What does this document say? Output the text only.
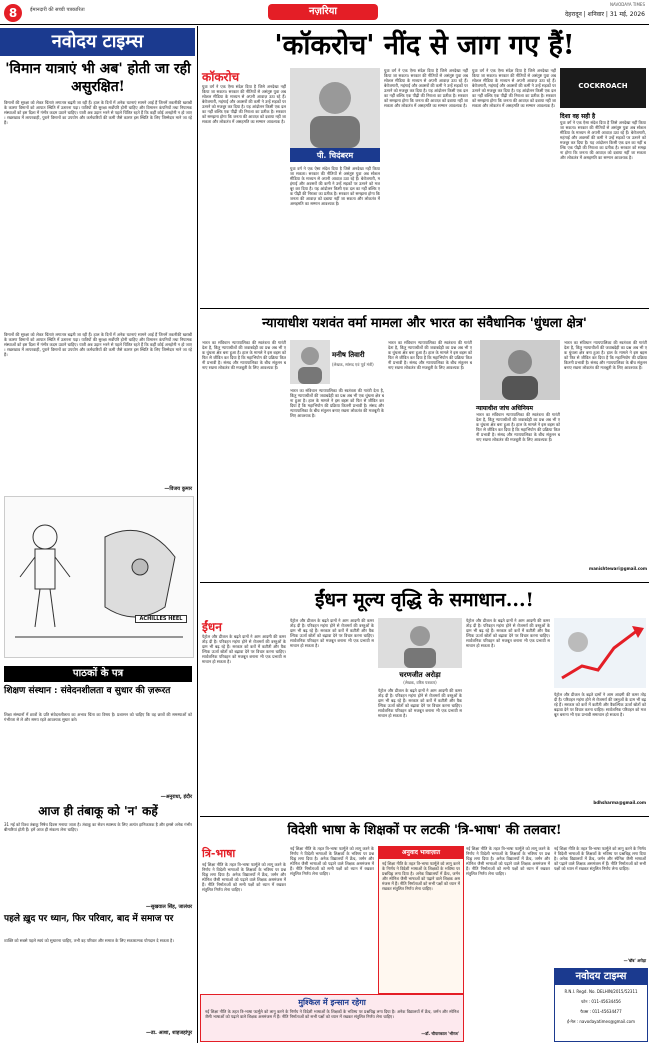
8	ईमानदारी की सच्ची पत्रकारिता	नज़रिया
NAVODAYA TIMES
देहरादून | शनिवार | 31 मई, 2026
नवोदय टाइम्स
'विमान यात्राएं भी अब' होती जा रही असुरक्षित!
विमानों की सुरक्षा को लेकर चिंताएं लगातार बढ़ती जा रही हैं। हाल के दिनों में अनेक घटनाएं सामने आई हैं जिनमें तकनीकी खराबी के कारण विमानों को आपात स्थिति में उतारना पड़ा। यात्रियों की सुरक्षा सर्वोपरि होनी चाहिए और विमानन कंपनियों तथा नियामक संस्थाओं को इस दिशा में गंभीर कदम उठाने चाहिए। यात्री अब उड़ान भरने से पहले चिंतित रहते हैं कि कहीं कोई अनहोनी न हो जाए। रखरखाव में लापरवाही, पुराने विमानों का उपयोग और कर्मचारियों की कमी जैसे कारण इस स्थिति के लिए जिम्मेदार माने जा रहे हैं।
विमानों की सुरक्षा को लेकर चिंताएं लगातार बढ़ती जा रही हैं। हाल के दिनों में अनेक घटनाएं सामने आई हैं जिनमें तकनीकी खराबी के कारण विमानों को आपात स्थिति में उतारना पड़ा। यात्रियों की सुरक्षा सर्वोपरि होनी चाहिए और विमानन कंपनियों तथा नियामक संस्थाओं को इस दिशा में गंभीर कदम उठाने चाहिए। यात्री अब उड़ान भरने से पहले चिंतित रहते हैं कि कहीं कोई अनहोनी न हो जाए। रखरखाव में लापरवाही, पुराने विमानों का उपयोग और कर्मचारियों की कमी जैसे कारण इस स्थिति के लिए जिम्मेदार माने जा रहे हैं।
—विजय कुमार
ACHILLES HEEL
पाठकों के पत्र
शिक्षण संस्थान : संवेदनशीलता व सुधार की ज़रूरत
शिक्षा संस्थानों में छात्रों के प्रति संवेदनशीलता का अभाव चिंता का विषय है। प्रशासन को चाहिए कि वह छात्रों की समस्याओं को गंभीरता से ले और समय रहते आवश्यक सुधार करे।
—अनुराधा, इंदौर
आज ही तंबाकू को 'न' कहें
31 मई को विश्व तंबाकू निषेध दिवस मनाया जाता है। तंबाकू का सेवन स्वास्थ्य के लिए अत्यंत हानिकारक है और इससे अनेक गंभीर बीमारियां होती हैं। हमें आज ही संकल्प लेना चाहिए।
—सुखवाल सिंह, जालंधर
पहले ख़ुद पर ध्यान, फिर परिवार, बाद में समाज पर
व्यक्ति को सबसे पहले स्वयं को सुधारना चाहिए, तभी वह परिवार और समाज के लिए सकारात्मक योगदान दे सकता है।
—डा. आशा, शाहजहांपुर
'कॉकरोच' नींद से जाग गए हैं!
कॉकरोच
युवा वर्ग ने एक ऐसा संदेश दिया है जिसे अनदेखा नहीं किया जा सकता। सरकार की नीतियों से असंतुष्ट युवा अब सोशल मीडिया के माध्यम से अपनी आवाज़ उठा रहे हैं। बेरोजगारी, महंगाई और अवसरों की कमी ने उन्हें सड़कों पर उतरने को मजबूर कर दिया है। यह आंदोलन किसी एक दल का नहीं बल्कि एक पीढ़ी की निराशा का प्रतीक है। सरकार को समझना होगा कि जनता की आवाज़ को दबाया नहीं जा सकता और लोकतंत्र में असहमति का सम्मान आवश्यक है।
पी. चिदंबरम
युवा वर्ग ने एक ऐसा संदेश दिया है जिसे अनदेखा नहीं किया जा सकता। सरकार की नीतियों से असंतुष्ट युवा अब सोशल मीडिया के माध्यम से अपनी आवाज़ उठा रहे हैं। बेरोजगारी, महंगाई और अवसरों की कमी ने उन्हें सड़कों पर उतरने को मजबूर कर दिया है। यह आंदोलन किसी एक दल का नहीं बल्कि एक पीढ़ी की निराशा का प्रतीक है। सरकार को समझना होगा कि जनता की आवाज़ को दबाया नहीं जा सकता और लोकतंत्र में असहमति का सम्मान आवश्यक है।
युवा वर्ग ने एक ऐसा संदेश दिया है जिसे अनदेखा नहीं किया जा सकता। सरकार की नीतियों से असंतुष्ट युवा अब सोशल मीडिया के माध्यम से अपनी आवाज़ उठा रहे हैं। बेरोजगारी, महंगाई और अवसरों की कमी ने उन्हें सड़कों पर उतरने को मजबूर कर दिया है। यह आंदोलन किसी एक दल का नहीं बल्कि एक पीढ़ी की निराशा का प्रतीक है। सरकार को समझना होगा कि जनता की आवाज़ को दबाया नहीं जा सकता और लोकतंत्र में असहमति का सम्मान आवश्यक है।
युवा वर्ग ने एक ऐसा संदेश दिया है जिसे अनदेखा नहीं किया जा सकता। सरकार की नीतियों से असंतुष्ट युवा अब सोशल मीडिया के माध्यम से अपनी आवाज़ उठा रहे हैं। बेरोजगारी, महंगाई और अवसरों की कमी ने उन्हें सड़कों पर उतरने को मजबूर कर दिया है। यह आंदोलन किसी एक दल का नहीं बल्कि एक पीढ़ी की निराशा का प्रतीक है। सरकार को समझना होगा कि जनता की आवाज़ को दबाया नहीं जा सकता और लोकतंत्र में असहमति का सम्मान आवश्यक है।
COCKROACH
दिशा वह सही है
युवा वर्ग ने एक ऐसा संदेश दिया है जिसे अनदेखा नहीं किया जा सकता। सरकार की नीतियों से असंतुष्ट युवा अब सोशल मीडिया के माध्यम से अपनी आवाज़ उठा रहे हैं। बेरोजगारी, महंगाई और अवसरों की कमी ने उन्हें सड़कों पर उतरने को मजबूर कर दिया है। यह आंदोलन किसी एक दल का नहीं बल्कि एक पीढ़ी की निराशा का प्रतीक है। सरकार को समझना होगा कि जनता की आवाज़ को दबाया नहीं जा सकता और लोकतंत्र में असहमति का सम्मान आवश्यक है।
न्यायाधीश यशवंत वर्मा मामला और भारत का संवैधानिक 'धुंधला क्षेत्र'
भारत का संविधान न्यायपालिका की स्वतंत्रता की गारंटी देता है, किंतु न्यायाधीशों की जवाबदेही का प्रश्न अब भी एक धुंधला क्षेत्र बना हुआ है। हाल के मामले ने इस बहस को फिर से जीवित कर दिया है कि महाभियोग की प्रक्रिया कितनी प्रभावी है। संसद और न्यायपालिका के बीच संतुलन बनाए रखना लोकतंत्र की मजबूती के लिए आवश्यक है।
मनीष तिवारी
(लेखक, सांसद एवं पूर्व मंत्री)
भारत का संविधान न्यायपालिका की स्वतंत्रता की गारंटी देता है, किंतु न्यायाधीशों की जवाबदेही का प्रश्न अब भी एक धुंधला क्षेत्र बना हुआ है। हाल के मामले ने इस बहस को फिर से जीवित कर दिया है कि महाभियोग की प्रक्रिया कितनी प्रभावी है। संसद और न्यायपालिका के बीच संतुलन बनाए रखना लोकतंत्र की मजबूती के लिए आवश्यक है।
भारत का संविधान न्यायपालिका की स्वतंत्रता की गारंटी देता है, किंतु न्यायाधीशों की जवाबदेही का प्रश्न अब भी एक धुंधला क्षेत्र बना हुआ है। हाल के मामले ने इस बहस को फिर से जीवित कर दिया है कि महाभियोग की प्रक्रिया कितनी प्रभावी है। संसद और न्यायपालिका के बीच संतुलन बनाए रखना लोकतंत्र की मजबूती के लिए आवश्यक है।
न्यायाधीश जांच अधिनियम
भारत का संविधान न्यायपालिका की स्वतंत्रता की गारंटी देता है, किंतु न्यायाधीशों की जवाबदेही का प्रश्न अब भी एक धुंधला क्षेत्र बना हुआ है। हाल के मामले ने इस बहस को फिर से जीवित कर दिया है कि महाभियोग की प्रक्रिया कितनी प्रभावी है। संसद और न्यायपालिका के बीच संतुलन बनाए रखना लोकतंत्र की मजबूती के लिए आवश्यक है।
भारत का संविधान न्यायपालिका की स्वतंत्रता की गारंटी देता है, किंतु न्यायाधीशों की जवाबदेही का प्रश्न अब भी एक धुंधला क्षेत्र बना हुआ है। हाल के मामले ने इस बहस को फिर से जीवित कर दिया है कि महाभियोग की प्रक्रिया कितनी प्रभावी है। संसद और न्यायपालिका के बीच संतुलन बनाए रखना लोकतंत्र की मजबूती के लिए आवश्यक है।
manishtewari@gmail.com
ईंधन मूल्य वृद्धि के समाधान...!
ईंधन
पेट्रोल और डीजल के बढ़ते दामों ने आम आदमी की कमर तोड़ दी है। परिवहन महंगा होने से रोजमर्रा की वस्तुओं के दाम भी बढ़ रहे हैं। सरकार को करों में कटौती और वैकल्पिक ऊर्जा स्रोतों को बढ़ावा देने पर विचार करना चाहिए। सार्वजनिक परिवहन को मजबूत बनाना भी एक प्रभावी समाधान हो सकता है।
पेट्रोल और डीजल के बढ़ते दामों ने आम आदमी की कमर तोड़ दी है। परिवहन महंगा होने से रोजमर्रा की वस्तुओं के दाम भी बढ़ रहे हैं। सरकार को करों में कटौती और वैकल्पिक ऊर्जा स्रोतों को बढ़ावा देने पर विचार करना चाहिए। सार्वजनिक परिवहन को मजबूत बनाना भी एक प्रभावी समाधान हो सकता है।
चरणजीत अरोड़ा
(लेखक, वरिष्ठ पत्रकार)
पेट्रोल और डीजल के बढ़ते दामों ने आम आदमी की कमर तोड़ दी है। परिवहन महंगा होने से रोजमर्रा की वस्तुओं के दाम भी बढ़ रहे हैं। सरकार को करों में कटौती और वैकल्पिक ऊर्जा स्रोतों को बढ़ावा देने पर विचार करना चाहिए। सार्वजनिक परिवहन को मजबूत बनाना भी एक प्रभावी समाधान हो सकता है।
पेट्रोल और डीजल के बढ़ते दामों ने आम आदमी की कमर तोड़ दी है। परिवहन महंगा होने से रोजमर्रा की वस्तुओं के दाम भी बढ़ रहे हैं। सरकार को करों में कटौती और वैकल्पिक ऊर्जा स्रोतों को बढ़ावा देने पर विचार करना चाहिए। सार्वजनिक परिवहन को मजबूत बनाना भी एक प्रभावी समाधान हो सकता है।
पेट्रोल और डीजल के बढ़ते दामों ने आम आदमी की कमर तोड़ दी है। परिवहन महंगा होने से रोजमर्रा की वस्तुओं के दाम भी बढ़ रहे हैं। सरकार को करों में कटौती और वैकल्पिक ऊर्जा स्रोतों को बढ़ावा देने पर विचार करना चाहिए। सार्वजनिक परिवहन को मजबूत बनाना भी एक प्रभावी समाधान हो सकता है।
bdhsharma@gmail.com
विदेशी भाषा के शिक्षकों पर लटकी 'त्रि-भाषा' की तलवार!
त्रि-भाषा
नई शिक्षा नीति के तहत त्रि-भाषा फार्मूले को लागू करने के निर्णय ने विदेशी भाषाओं के शिक्षकों के भविष्य पर प्रश्नचिह्न लगा दिया है। अनेक विद्यालयों में फ्रेंच, जर्मन और स्पेनिश जैसी भाषाओं को पढ़ाने वाले शिक्षक असमंजस में हैं। नीति निर्माताओं को सभी पक्षों को ध्यान में रखकर संतुलित निर्णय लेना चाहिए।
नई शिक्षा नीति के तहत त्रि-भाषा फार्मूले को लागू करने के निर्णय ने विदेशी भाषाओं के शिक्षकों के भविष्य पर प्रश्नचिह्न लगा दिया है। अनेक विद्यालयों में फ्रेंच, जर्मन और स्पेनिश जैसी भाषाओं को पढ़ाने वाले शिक्षक असमंजस में हैं। नीति निर्माताओं को सभी पक्षों को ध्यान में रखकर संतुलित निर्णय लेना चाहिए।
मुश्किल में इन्सान रहेगा
नई शिक्षा नीति के तहत त्रि-भाषा फार्मूले को लागू करने के निर्णय ने विदेशी भाषाओं के शिक्षकों के भविष्य पर प्रश्नचिह्न लगा दिया है। अनेक विद्यालयों में फ्रेंच, जर्मन और स्पेनिश जैसी भाषाओं को पढ़ाने वाले शिक्षक असमंजस में हैं। नीति निर्माताओं को सभी पक्षों को ध्यान में रखकर संतुलित निर्णय लेना चाहिए।
—डॉ. चौपारकाल 'भीरज'
अनुवाद भावाज़ात
नई शिक्षा नीति के तहत त्रि-भाषा फार्मूले को लागू करने के निर्णय ने विदेशी भाषाओं के शिक्षकों के भविष्य पर प्रश्नचिह्न लगा दिया है। अनेक विद्यालयों में फ्रेंच, जर्मन और स्पेनिश जैसी भाषाओं को पढ़ाने वाले शिक्षक असमंजस में हैं। नीति निर्माताओं को सभी पक्षों को ध्यान में रखकर संतुलित निर्णय लेना चाहिए।
नई शिक्षा नीति के तहत त्रि-भाषा फार्मूले को लागू करने के निर्णय ने विदेशी भाषाओं के शिक्षकों के भविष्य पर प्रश्नचिह्न लगा दिया है। अनेक विद्यालयों में फ्रेंच, जर्मन और स्पेनिश जैसी भाषाओं को पढ़ाने वाले शिक्षक असमंजस में हैं। नीति निर्माताओं को सभी पक्षों को ध्यान में रखकर संतुलित निर्णय लेना चाहिए।
नई शिक्षा नीति के तहत त्रि-भाषा फार्मूले को लागू करने के निर्णय ने विदेशी भाषाओं के शिक्षकों के भविष्य पर प्रश्नचिह्न लगा दिया है। अनेक विद्यालयों में फ्रेंच, जर्मन और स्पेनिश जैसी भाषाओं को पढ़ाने वाले शिक्षक असमंजस में हैं। नीति निर्माताओं को सभी पक्षों को ध्यान में रखकर संतुलित निर्णय लेना चाहिए।
—'बॉब' अरोड़ा
नवोदय टाइम्स
R.N.I. Regd. No. DELHIN/2015/52311
फोन : 011-45634456
फैक्स : 011-45634477
ई-मेल : navodayatimes@gmail.com
